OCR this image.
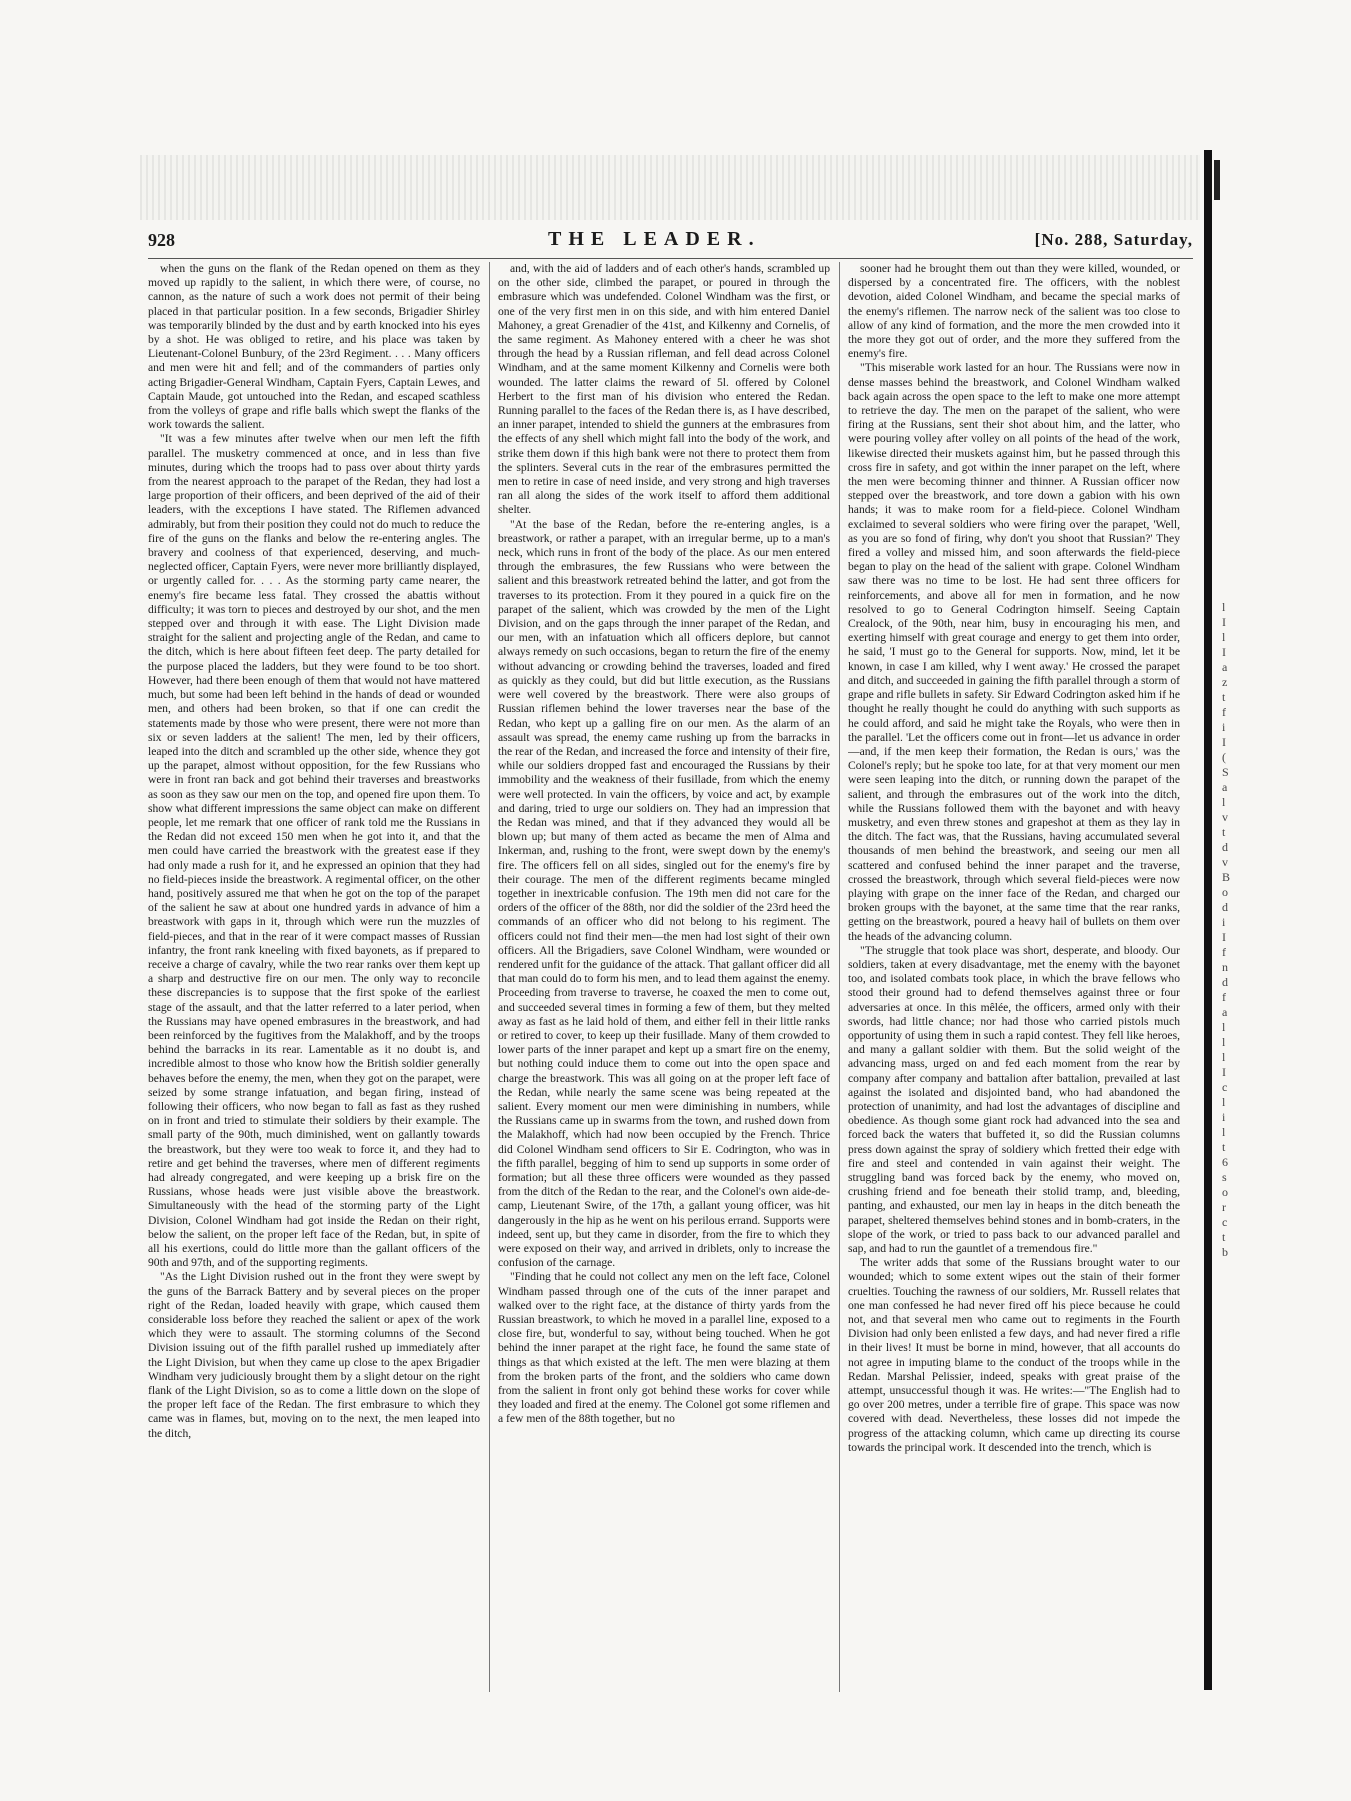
928	THE LEADER.	[No. 288, Saturday,

when the guns on the flank of the Redan opened on them as they moved up rapidly to the salient, in which there were, of course, no cannon, as the nature of such a work does not permit of their being placed in that particular position. In a few seconds, Brigadier Shirley was temporarily blinded by the dust and by earth knocked into his eyes by a shot. He was obliged to retire, and his place was taken by Lieutenant-Colonel Bunbury, of the 23rd Regiment. . . . Many officers and men were hit and fell; and of the commanders of parties only acting Brigadier-General Windham, Captain Fyers, Captain Lewes, and Captain Maude, got untouched into the Redan, and escaped scathless from the volleys of grape and rifle balls which swept the flanks of the work towards the salient.

"It was a few minutes after twelve when our men left the fifth parallel. The musketry commenced at once, and in less than five minutes, during which the troops had to pass over about thirty yards from the nearest approach to the parapet of the Redan, they had lost a large proportion of their officers, and been deprived of the aid of their leaders, with the exceptions I have stated. The Riflemen advanced admirably, but from their position they could not do much to reduce the fire of the guns on the flanks and below the re-entering angles. The bravery and coolness of that experienced, deserving, and much-neglected officer, Captain Fyers, were never more brilliantly displayed, or urgently called for. . . . As the storming party came nearer, the enemy's fire became less fatal. They crossed the abattis without difficulty; it was torn to pieces and destroyed by our shot, and the men stepped over and through it with ease. The Light Division made straight for the salient and projecting angle of the Redan, and came to the ditch, which is here about fifteen feet deep. The party detailed for the purpose placed the ladders, but they were found to be too short. However, had there been enough of them that would not have mattered much, but some had been left behind in the hands of dead or wounded men, and others had been broken, so that if one can credit the statements made by those who were present, there were not more than six or seven ladders at the salient! The men, led by their officers, leaped into the ditch and scrambled up the other side, whence they got up the parapet, almost without opposition, for the few Russians who were in front ran back and got behind their traverses and breastworks as soon as they saw our men on the top, and opened fire upon them. To show what different impressions the same object can make on different people, let me remark that one officer of rank told me the Russians in the Redan did not exceed 150 men when he got into it, and that the men could have carried the breastwork with the greatest ease if they had only made a rush for it, and he expressed an opinion that they had no field-pieces inside the breastwork. A regimental officer, on the other hand, positively assured me that when he got on the top of the parapet of the salient he saw at about one hundred yards in advance of him a breastwork with gaps in it, through which were run the muzzles of field-pieces, and that in the rear of it were compact masses of Russian infantry, the front rank kneeling with fixed bayonets, as if prepared to receive a charge of cavalry, while the two rear ranks over them kept up a sharp and destructive fire on our men. The only way to reconcile these discrepancies is to suppose that the first spoke of the earliest stage of the assault, and that the latter referred to a later period, when the Russians may have opened embrasures in the breastwork, and had been reinforced by the fugitives from the Malakhoff, and by the troops behind the barracks in its rear. Lamentable as it no doubt is, and incredible almost to those who know how the British soldier generally behaves before the enemy, the men, when they got on the parapet, were seized by some strange infatuation, and began firing, instead of following their officers, who now began to fall as fast as they rushed on in front and tried to stimulate their soldiers by their example. The small party of the 90th, much diminished, went on gallantly towards the breastwork, but they were too weak to force it, and they had to retire and get behind the traverses, where men of different regiments had already congregated, and were keeping up a brisk fire on the Russians, whose heads were just visible above the breastwork. Simultaneously with the head of the storming party of the Light Division, Colonel Windham had got inside the Redan on their right, below the salient, on the proper left face of the Redan, but, in spite of all his exertions, could do little more than the gallant officers of the 90th and 97th, and of the supporting regiments.

"As the Light Division rushed out in the front they were swept by the guns of the Barrack Battery and by several pieces on the proper right of the Redan, loaded heavily with grape, which caused them considerable loss before they reached the salient or apex of the work which they were to assault. The storming columns of the Second Division issuing out of the fifth parallel rushed up immediately after the Light Division, but when they came up close to the apex Brigadier Windham very judiciously brought them by a slight detour on the right flank of the Light Division, so as to come a little down on the slope of the proper left face of the Redan. The first embrasure to which they came was in flames, but, moving on to the next, the men leaped into the ditch,

and, with the aid of ladders and of each other's hands, scrambled up on the other side, climbed the parapet, or poured in through the embrasure which was undefended. Colonel Windham was the first, or one of the very first men in on this side, and with him entered Daniel Mahoney, a great Grenadier of the 41st, and Kilkenny and Cornelis, of the same regiment. As Mahoney entered with a cheer he was shot through the head by a Russian rifleman, and fell dead across Colonel Windham, and at the same moment Kilkenny and Cornelis were both wounded. The latter claims the reward of 5l. offered by Colonel Herbert to the first man of his division who entered the Redan. Running parallel to the faces of the Redan there is, as I have described, an inner parapet, intended to shield the gunners at the embrasures from the effects of any shell which might fall into the body of the work, and strike them down if this high bank were not there to protect them from the splinters. Several cuts in the rear of the embrasures permitted the men to retire in case of need inside, and very strong and high traverses ran all along the sides of the work itself to afford them additional shelter.

"At the base of the Redan, before the re-entering angles, is a breastwork, or rather a parapet, with an irregular berme, up to a man's neck, which runs in front of the body of the place. As our men entered through the embrasures, the few Russians who were between the salient and this breastwork retreated behind the latter, and got from the traverses to its protection. From it they poured in a quick fire on the parapet of the salient, which was crowded by the men of the Light Division, and on the gaps through the inner parapet of the Redan, and our men, with an infatuation which all officers deplore, but cannot always remedy on such occasions, began to return the fire of the enemy without advancing or crowding behind the traverses, loaded and fired as quickly as they could, but did but little execution, as the Russians were well covered by the breastwork. There were also groups of Russian riflemen behind the lower traverses near the base of the Redan, who kept up a galling fire on our men. As the alarm of an assault was spread, the enemy came rushing up from the barracks in the rear of the Redan, and increased the force and intensity of their fire, while our soldiers dropped fast and encouraged the Russians by their immobility and the weakness of their fusillade, from which the enemy were well protected. In vain the officers, by voice and act, by example and daring, tried to urge our soldiers on. They had an impression that the Redan was mined, and that if they advanced they would all be blown up; but many of them acted as became the men of Alma and Inkerman, and, rushing to the front, were swept down by the enemy's fire. The officers fell on all sides, singled out for the enemy's fire by their courage. The men of the different regiments became mingled together in inextricable confusion. The 19th men did not care for the orders of the officer of the 88th, nor did the soldier of the 23rd heed the commands of an officer who did not belong to his regiment. The officers could not find their men—the men had lost sight of their own officers. All the Brigadiers, save Colonel Windham, were wounded or rendered unfit for the guidance of the attack. That gallant officer did all that man could do to form his men, and to lead them against the enemy. Proceeding from traverse to traverse, he coaxed the men to come out, and succeeded several times in forming a few of them, but they melted away as fast as he laid hold of them, and either fell in their little ranks or retired to cover, to keep up their fusillade. Many of them crowded to lower parts of the inner parapet and kept up a smart fire on the enemy, but nothing could induce them to come out into the open space and charge the breastwork. This was all going on at the proper left face of the Redan, while nearly the same scene was being repeated at the salient. Every moment our men were diminishing in numbers, while the Russians came up in swarms from the town, and rushed down from the Malakhoff, which had now been occupied by the French. Thrice did Colonel Windham send officers to Sir E. Codrington, who was in the fifth parallel, begging of him to send up supports in some order of formation; but all these three officers were wounded as they passed from the ditch of the Redan to the rear, and the Colonel's own aide-de-camp, Lieutenant Swire, of the 17th, a gallant young officer, was hit dangerously in the hip as he went on his perilous errand. Supports were indeed, sent up, but they came in disorder, from the fire to which they were exposed on their way, and arrived in driblets, only to increase the confusion of the carnage.

"Finding that he could not collect any men on the left face, Colonel Windham passed through one of the cuts of the inner parapet and walked over to the right face, at the distance of thirty yards from the Russian breastwork, to which he moved in a parallel line, exposed to a close fire, but, wonderful to say, without being touched. When he got behind the inner parapet at the right face, he found the same state of things as that which existed at the left. The men were blazing at them from the broken parts of the front, and the soldiers who came down from the salient in front only got behind these works for cover while they loaded and fired at the enemy. The Colonel got some riflemen and a few men of the 88th together, but no

sooner had he brought them out than they were killed, wounded, or dispersed by a concentrated fire. The officers, with the noblest devotion, aided Colonel Windham, and became the special marks of the enemy's riflemen. The narrow neck of the salient was too close to allow of any kind of formation, and the more the men crowded into it the more they got out of order, and the more they suffered from the enemy's fire.

"This miserable work lasted for an hour. The Russians were now in dense masses behind the breastwork, and Colonel Windham walked back again across the open space to the left to make one more attempt to retrieve the day. The men on the parapet of the salient, who were firing at the Russians, sent their shot about him, and the latter, who were pouring volley after volley on all points of the head of the work, likewise directed their muskets against him, but he passed through this cross fire in safety, and got within the inner parapet on the left, where the men were becoming thinner and thinner. A Russian officer now stepped over the breastwork, and tore down a gabion with his own hands; it was to make room for a field-piece. Colonel Windham exclaimed to several soldiers who were firing over the parapet, 'Well, as you are so fond of firing, why don't you shoot that Russian?' They fired a volley and missed him, and soon afterwards the field-piece began to play on the head of the salient with grape. Colonel Windham saw there was no time to be lost. He had sent three officers for reinforcements, and above all for men in formation, and he now resolved to go to General Codrington himself. Seeing Captain Crealock, of the 90th, near him, busy in encouraging his men, and exerting himself with great courage and energy to get them into order, he said, 'I must go to the General for supports. Now, mind, let it be known, in case I am killed, why I went away.' He crossed the parapet and ditch, and succeeded in gaining the fifth parallel through a storm of grape and rifle bullets in safety. Sir Edward Codrington asked him if he thought he really thought he could do anything with such supports as he could afford, and said he might take the Royals, who were then in the parallel. 'Let the officers come out in front—let us advance in order—and, if the men keep their formation, the Redan is ours,' was the Colonel's reply; but he spoke too late, for at that very moment our men were seen leaping into the ditch, or running down the parapet of the salient, and through the embrasures out of the work into the ditch, while the Russians followed them with the bayonet and with heavy musketry, and even threw stones and grapeshot at them as they lay in the ditch. The fact was, that the Russians, having accumulated several thousands of men behind the breastwork, and seeing our men all scattered and confused behind the inner parapet and the traverse, crossed the breastwork, through which several field-pieces were now playing with grape on the inner face of the Redan, and charged our broken groups with the bayonet, at the same time that the rear ranks, getting on the breastwork, poured a heavy hail of bullets on them over the heads of the advancing column.

"The struggle that took place was short, desperate, and bloody. Our soldiers, taken at every disadvantage, met the enemy with the bayonet too, and isolated combats took place, in which the brave fellows who stood their ground had to defend themselves against three or four adversaries at once. In this mêlée, the officers, armed only with their swords, had little chance; nor had those who carried pistols much opportunity of using them in such a rapid contest. They fell like heroes, and many a gallant soldier with them. But the solid weight of the advancing mass, urged on and fed each moment from the rear by company after company and battalion after battalion, prevailed at last against the isolated and disjointed band, who had abandoned the protection of unanimity, and had lost the advantages of discipline and obedience. As though some giant rock had advanced into the sea and forced back the waters that buffeted it, so did the Russian columns press down against the spray of soldiery which fretted their edge with fire and steel and contended in vain against their weight. The struggling band was forced back by the enemy, who moved on, crushing friend and foe beneath their stolid tramp, and, bleeding, panting, and exhausted, our men lay in heaps in the ditch beneath the parapet, sheltered themselves behind stones and in bomb-craters, in the slope of the work, or tried to pass back to our advanced parallel and sap, and had to run the gauntlet of a tremendous fire."

The writer adds that some of the Russians brought water to our wounded; which to some extent wipes out the stain of their former cruelties. Touching the rawness of our soldiers, Mr. Russell relates that one man confessed he had never fired off his piece because he could not, and that several men who came out to regiments in the Fourth Division had only been enlisted a few days, and had never fired a rifle in their lives! It must be borne in mind, however, that all accounts do not agree in imputing blame to the conduct of the troops while in the Redan. Marshal Pelissier, indeed, speaks with great praise of the attempt, unsuccessful though it was. He writes:—"The English had to go over 200 metres, under a terrible fire of grape. This space was now covered with dead. Nevertheless, these losses did not impede the progress of the attacking column, which came up directing its course towards the principal work. It descended into the trench, which is

l
I
l
I
a
z
t
f
i
I
(
S
a
l
v
t
d
v
B
o
d
i
I
f
n
d
f
a
l
l
l
I
c
l
i
l
t
6
s
o
r
c
t
b
